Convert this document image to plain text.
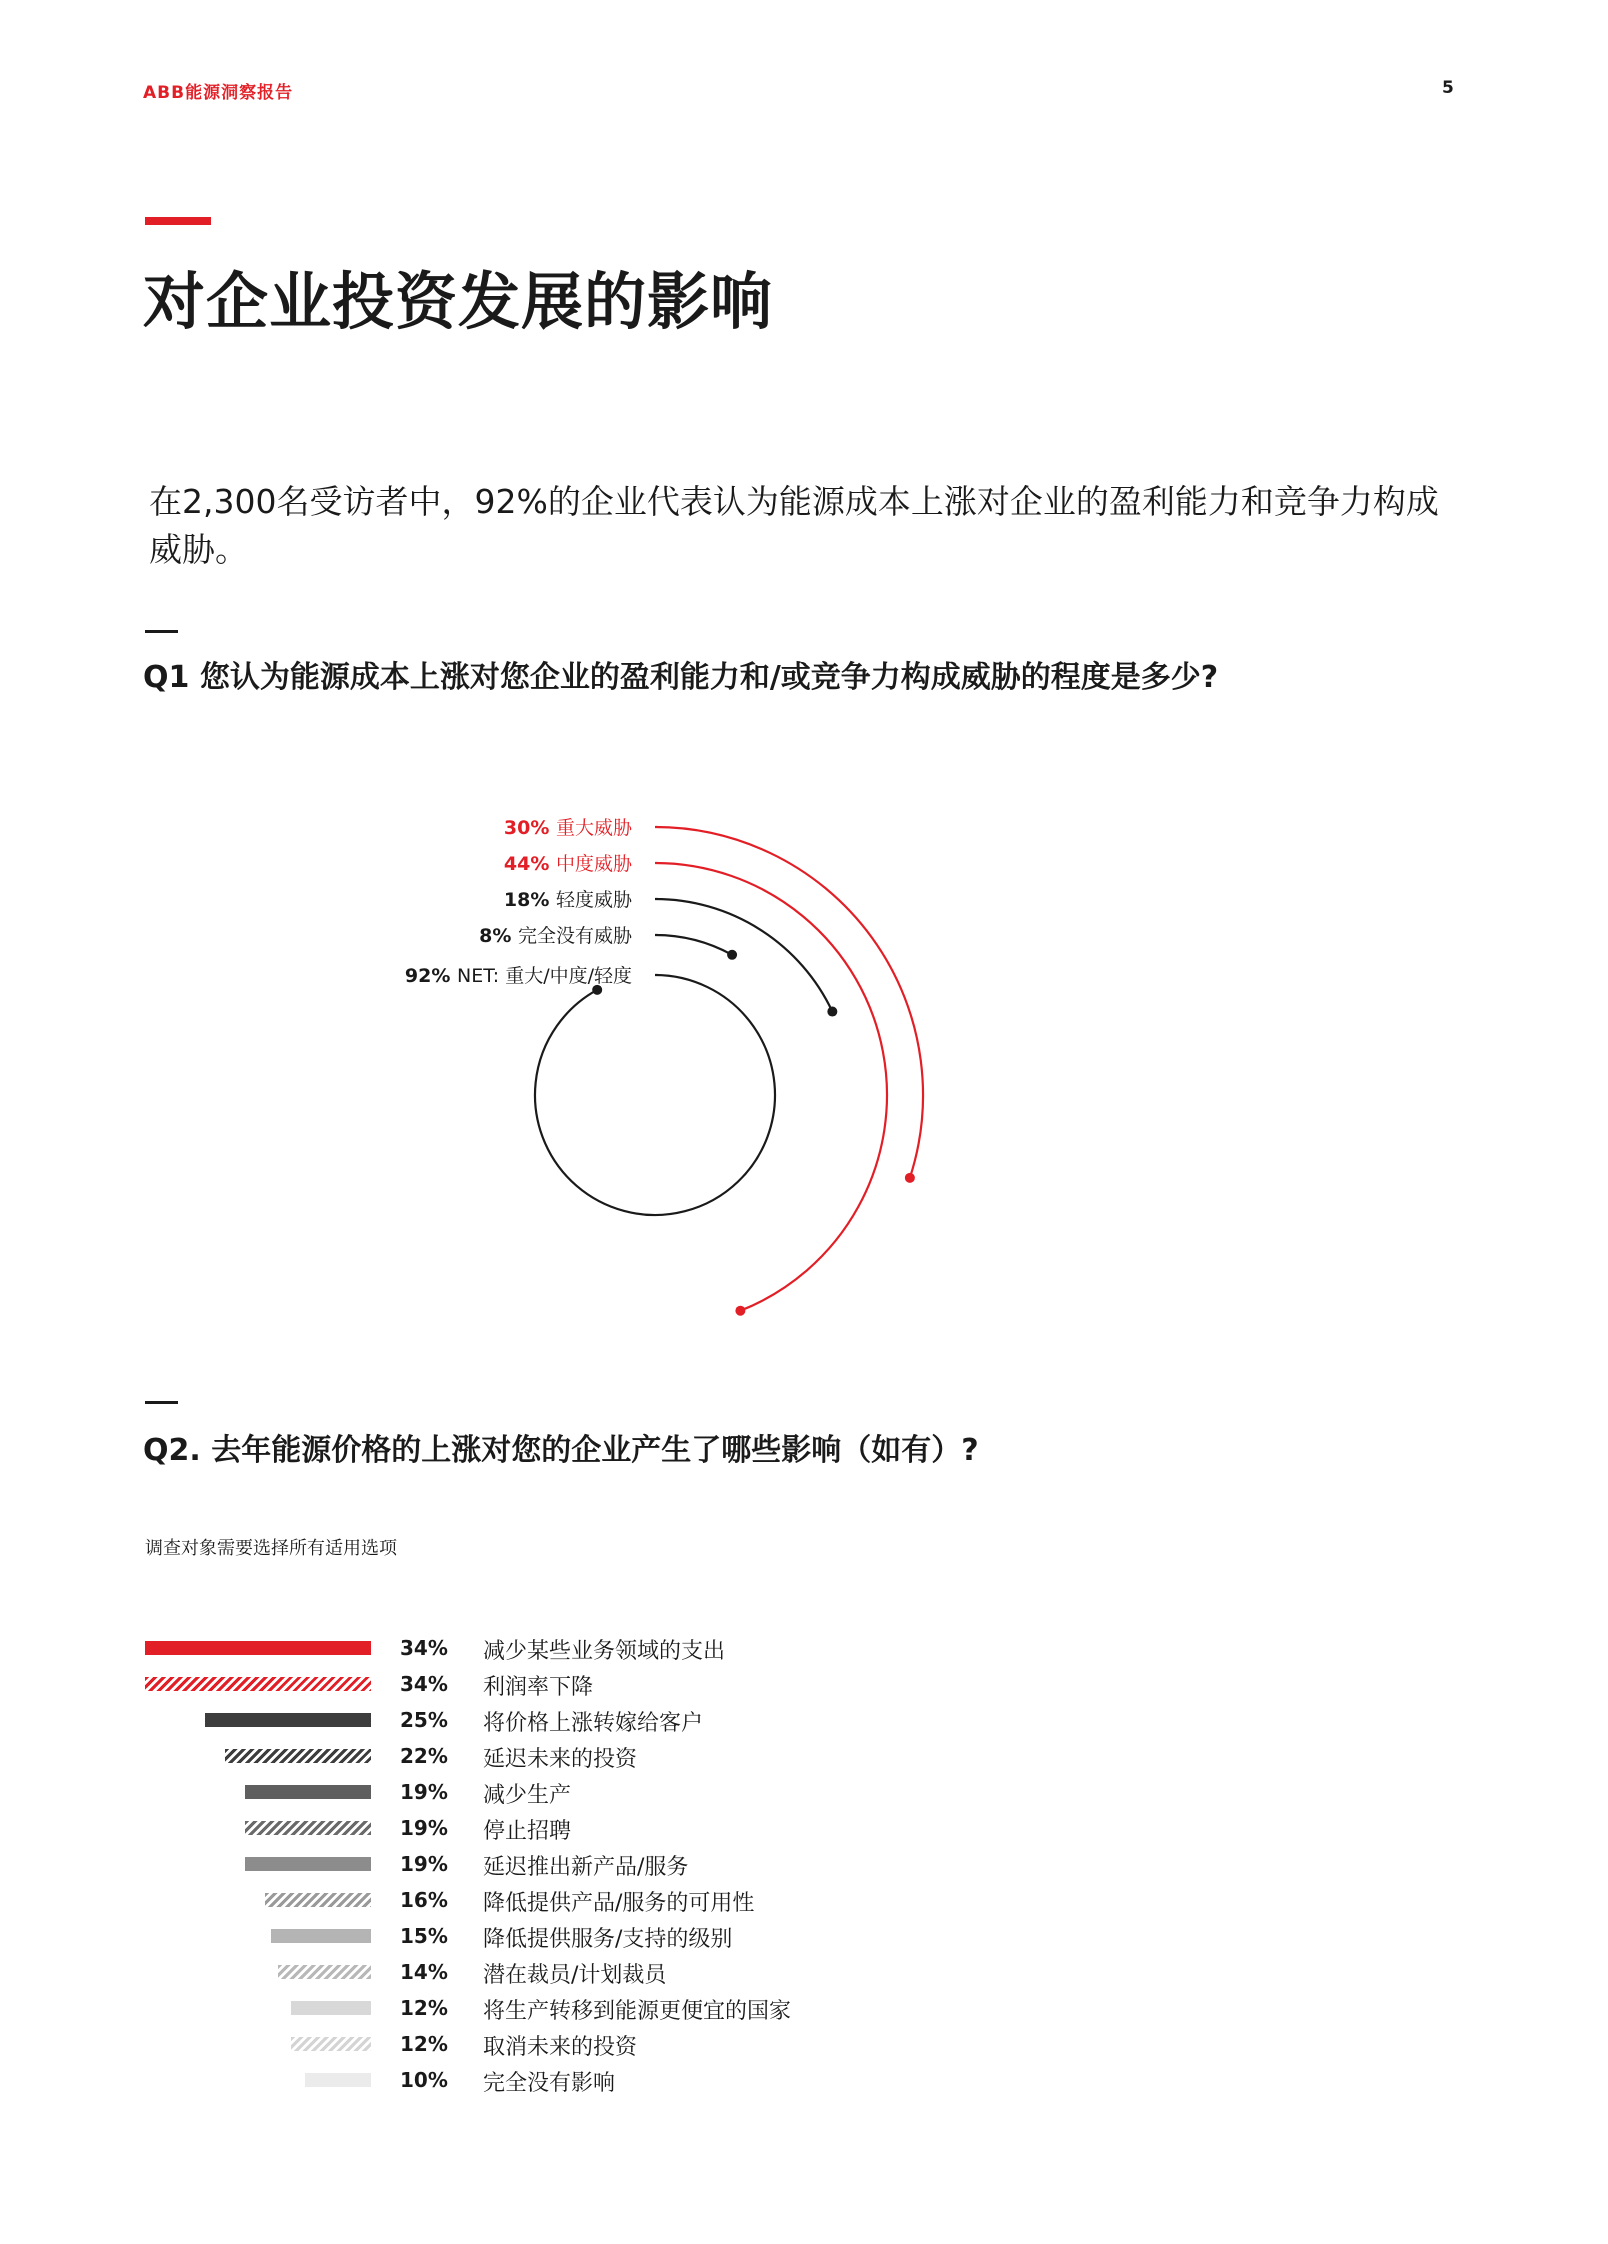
ABB能源洞察报告	5
对企业投资发展的影响
在2,300名受访者中，92%的企业代表认为能源成本上涨对企业的盈利能力和竞争力构成威胁。
Q1 您认为能源成本上涨对您企业的盈利能力和/或竞争力构成威胁的程度是多少?
30% 重大威胁
44% 中度威胁
18% 轻度威胁
8% 完全没有威胁
92% NET: 重大/中度/轻度
Q2. 去年能源价格的上涨对您的企业产生了哪些影响（如有）?
调查对象需要选择所有适用选项
34% 减少某些业务领域的支出
34% 利润率下降
25% 将价格上涨转嫁给客户
22% 延迟未来的投资
19% 减少生产
19% 停止招聘
19% 延迟推出新产品/服务
16% 降低提供产品/服务的可用性
15% 降低提供服务/支持的级别
14% 潜在裁员/计划裁员
12% 将生产转移到能源更便宜的国家
12% 取消未来的投资
10% 完全没有影响
